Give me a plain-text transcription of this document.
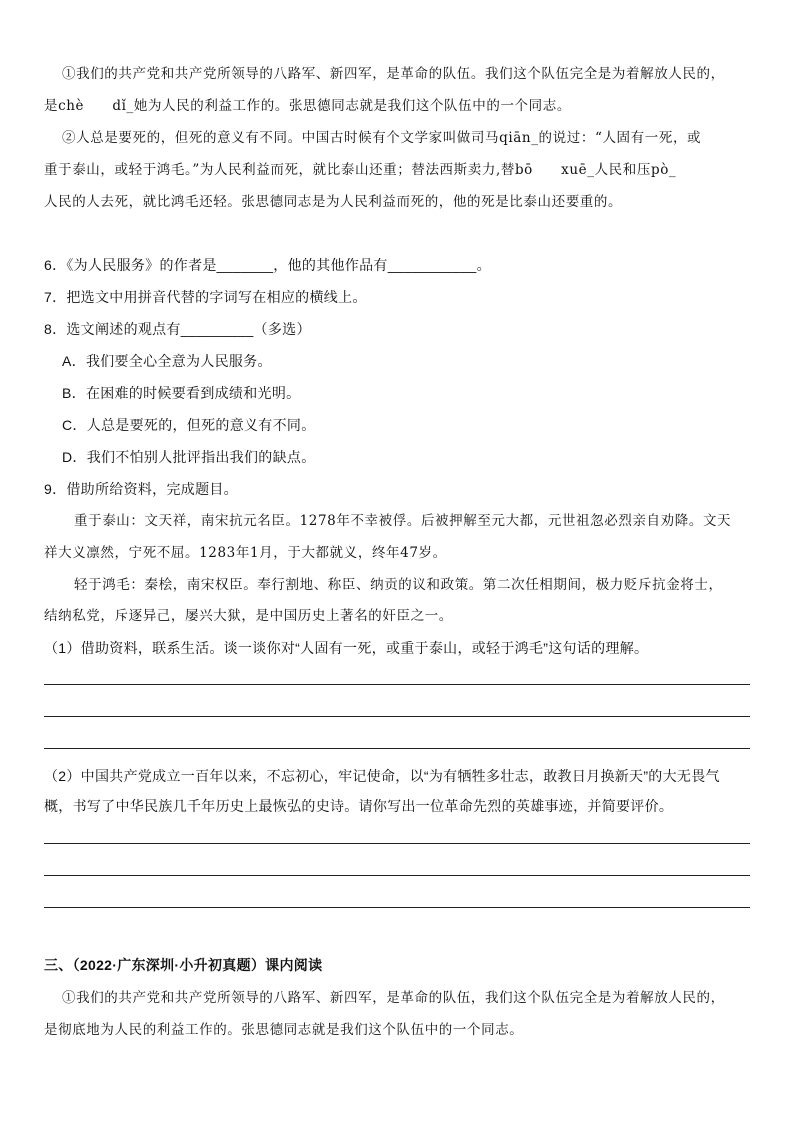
①我们的共产党和共产党所领导的八路军、新四军，是革命的队伍。我们这个队伍完全是为着解放人民的，
是chè　　dǐ_她为人民的利益工作的。张思德同志就是我们这个队伍中的一个同志。
②人总是要死的，但死的意义有不同。中国古时候有个文学家叫做司马qiān_的说过：“人固有一死，或
重于泰山，或轻于鸿毛。”为人民利益而死，就比泰山还重；替法西斯卖力,替bō　　xuē_人民和压pò_
人民的人去死，就比鸿毛还轻。张思德同志是为人民利益而死的，他的死是比泰山还要重的。
6．《为人民服务》的作者是_______，他的其他作品有___________。
7．把选文中用拼音代替的字词写在相应的横线上。
8．选文阐述的观点有_________（多选）
A．我们要全心全意为人民服务。
B．在困难的时候要看到成绩和光明。
C．人总是要死的，但死的意义有不同。
D．我们不怕别人批评指出我们的缺点。
9．借助所给资料，完成题目。
重于泰山：文天祥，南宋抗元名臣。1278年不幸被俘。后被押解至元大都，元世祖忽必烈亲自劝降。文天
祥大义凛然，宁死不屈。1283年1月，于大都就义，终年47岁。
轻于鸿毛：秦桧，南宋权臣。奉行割地、称臣、纳贡的议和政策。第二次任相期间，极力贬斥抗金将士，
结纳私党，斥逐异己，屡兴大狱，是中国历史上著名的奸臣之一。
（1）借助资料，联系生活。谈一谈你对“人固有一死，或重于泰山，或轻于鸿毛”这句话的理解。
（2）中国共产党成立一百年以来，不忘初心，牢记使命，以“为有牺牲多壮志，敢教日月换新天”的大无畏气
概，书写了中华民族几千年历史上最恢弘的史诗。请你写出一位革命先烈的英雄事迹，并简要评价。
三、（2022·广东深圳·小升初真题）课内阅读
①我们的共产党和共产党所领导的八路军、新四军，是革命的队伍，我们这个队伍完全是为着解放人民的，
是彻底地为人民的利益工作的。张思德同志就是我们这个队伍中的一个同志。
